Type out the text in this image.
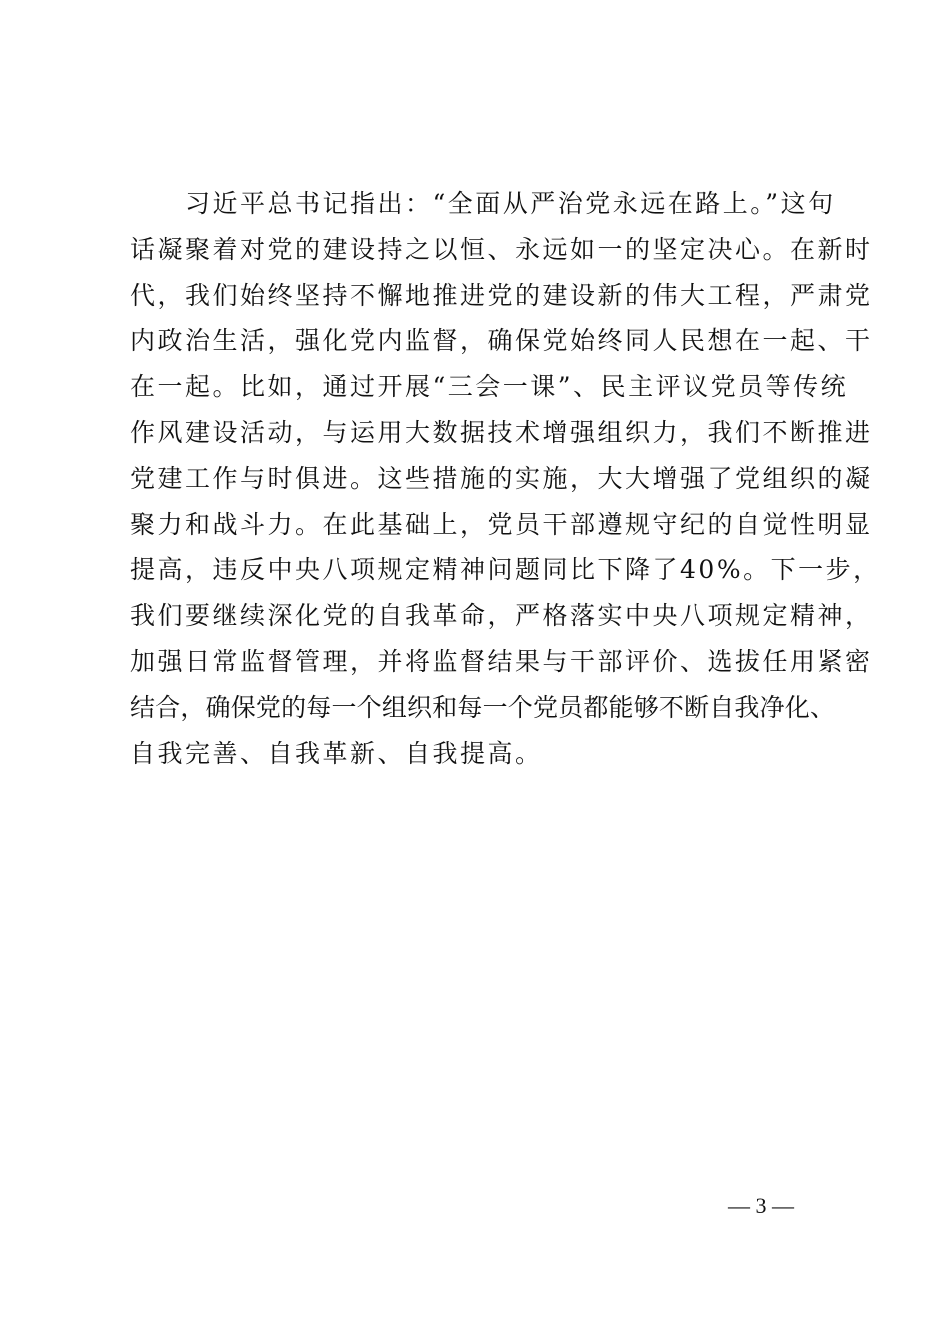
习近平总书记指出：“全面从严治党永远在路上。”这句
话凝聚着对党的建设持之以恒、永远如一的坚定决心。在新时
代，我们始终坚持不懈地推进党的建设新的伟大工程，严肃党
内政治生活，强化党内监督，确保党始终同人民想在一起、干
在一起。比如，通过开展“三会一课”、民主评议党员等传统
作风建设活动，与运用大数据技术增强组织力，我们不断推进
党建工作与时俱进。这些措施的实施，大大增强了党组织的凝
聚力和战斗力。在此基础上，党员干部遵规守纪的自觉性明显
提高，违反中央八项规定精神问题同比下降了40%。下一步，
我们要继续深化党的自我革命，严格落实中央八项规定精神，
加强日常监督管理，并将监督结果与干部评价、选拔任用紧密
结合，确保党的每一个组织和每一个党员都能够不断自我净化、
自我完善、自我革新、自我提高。
— 3 —
